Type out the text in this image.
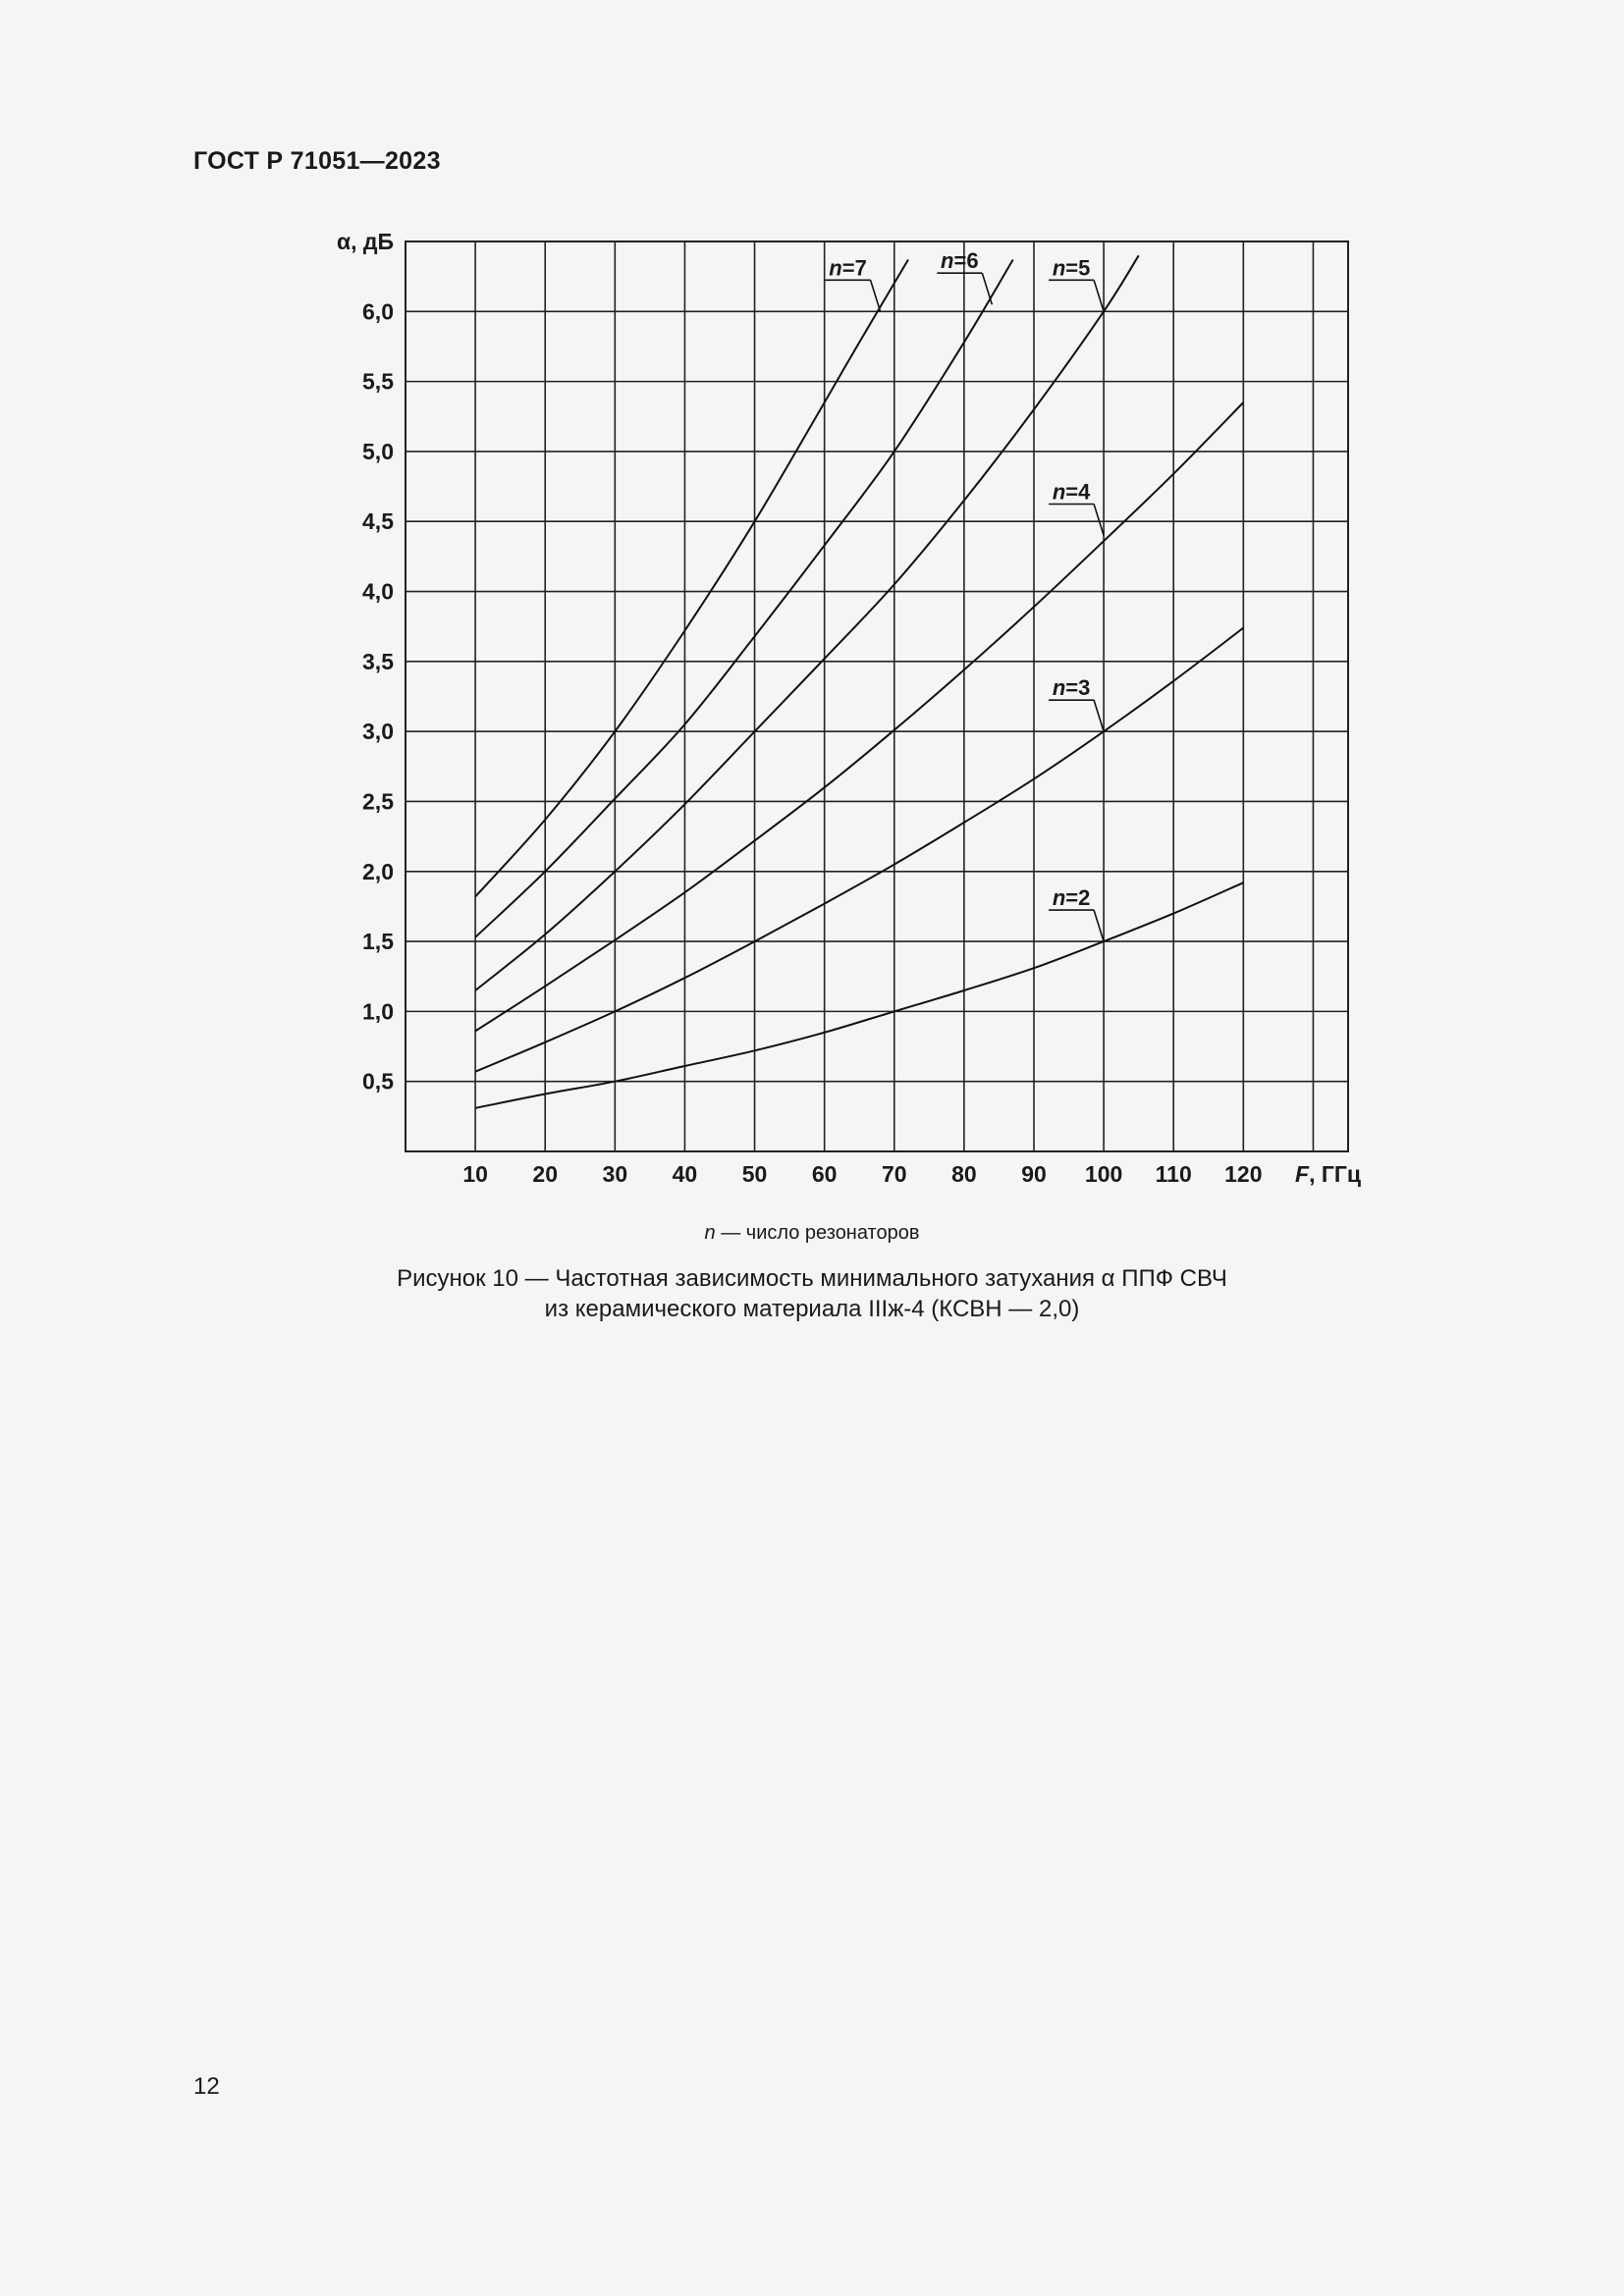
ГОСТ Р 71051—2023
0,5
1,0
1,5
2,0
2,5
3,0
3,5
4,0
4,5
5,0
5,5
6,0
10 20 30 40 50 60 70 80 90 100 110 120
α, дБ
F, ГГц
n=2
n=3
n=4
n=5
n=6
n=7
n — число резонаторов
Рисунок 10 — Частотная зависимость минимального затухания α ППФ СВЧ
из керамического материала IIIж-4 (КСВН — 2,0)
12
